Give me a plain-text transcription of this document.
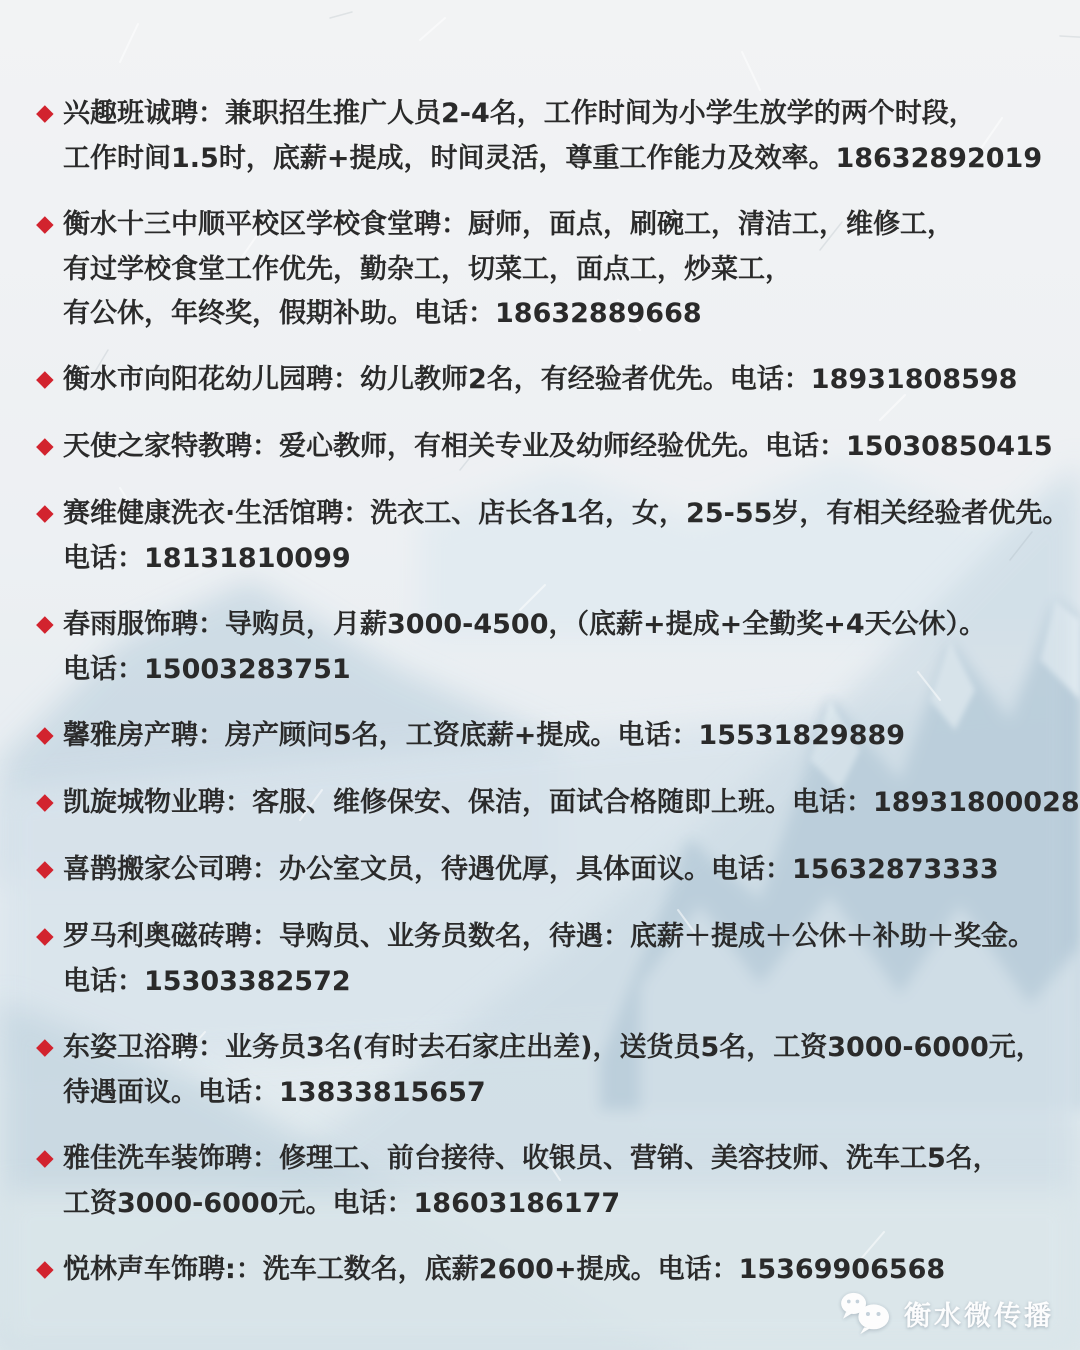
◆ 兴趣班诚聘：兼职招生推广人员2-4名，工作时间为小学生放学的两个时段，
工作时间1.5时，底薪+提成，时间灵活，尊重工作能力及效率。18632892019
◆ 衡水十三中顺平校区学校食堂聘：厨师，面点，刷碗工，清洁工，维修工，
有过学校食堂工作优先，勤杂工，切菜工，面点工，炒菜工，
有公休，年终奖，假期补助。电话：18632889668
◆ 衡水市向阳花幼儿园聘：幼儿教师2名，有经验者优先。电话：18931808598
◆ 天使之家特教聘：爱心教师，有相关专业及幼师经验优先。电话：15030850415
◆ 赛维健康洗衣·生活馆聘：洗衣工、店长各1名，女，25-55岁，有相关经验者优先。
电话：18131810099
◆ 春雨服饰聘：导购员，月薪3000-4500，（底薪+提成+全勤奖+4天公休）。
电话：15003283751
◆ 馨雅房产聘：房产顾问5名，工资底薪+提成。电话：15531829889
◆ 凯旋城物业聘：客服、维修保安、保洁，面试合格随即上班。电话：18931800028
◆ 喜鹊搬家公司聘：办公室文员，待遇优厚，具体面议。电话：15632873333
◆ 罗马利奥磁砖聘：导购员、业务员数名，待遇：底薪＋提成＋公休＋补助＋奖金。
电话：15303382572
◆ 东姿卫浴聘：业务员3名(有时去石家庄出差)，送货员5名，工资3000-6000元，
待遇面议。电话：13833815657
◆ 雅佳洗车装饰聘：修理工、前台接待、收银员、营销、美容技师、洗车工5名，
工资3000-6000元。电话：18603186177
◆ 悦林声车饰聘:：洗车工数名，底薪2600+提成。电话：15369906568
衡水微传播
